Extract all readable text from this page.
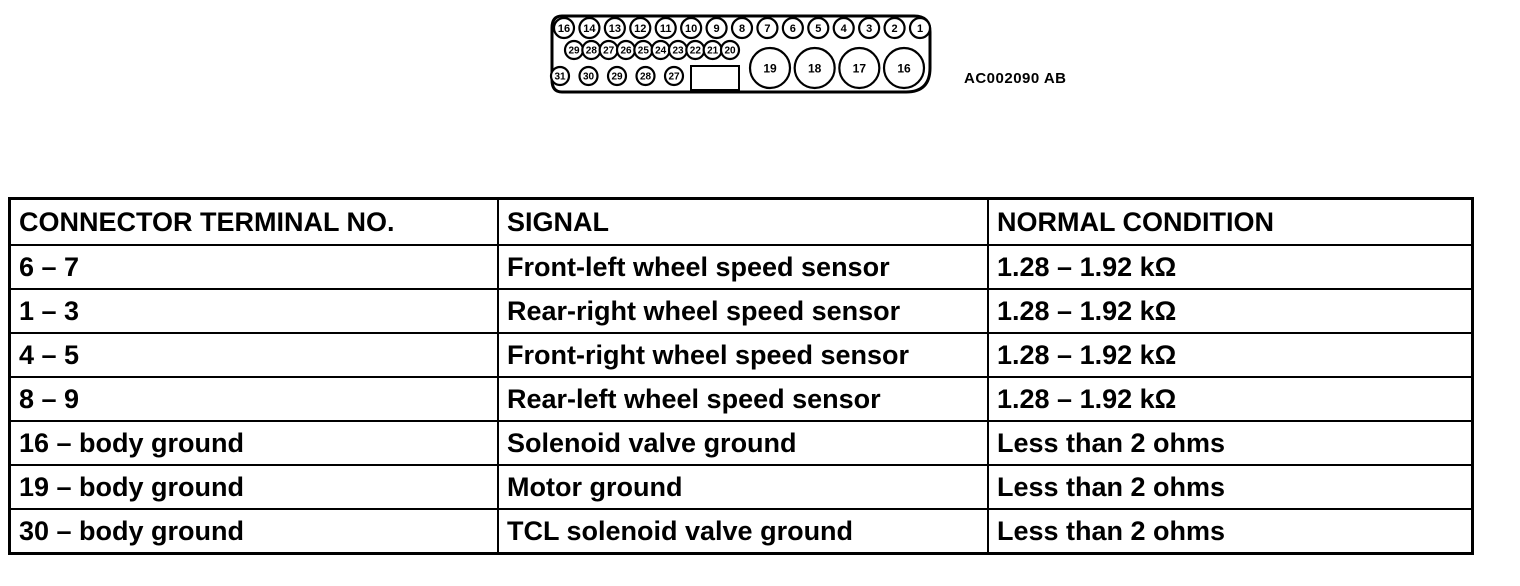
16 14 13 12 11 10 9 8 7 6 5 4 3 2 1
29 28 27 26 25 24 23 22 21 20
31 30 29 28 27
19	18	17	16
AC002090 AB
CONNECTOR TERMINAL NO.	SIGNAL	NORMAL CONDITION
6 – 7	Front-left wheel speed sensor	1.28 – 1.92 kΩ
1 – 3	Rear-right wheel speed sensor	1.28 – 1.92 kΩ
4 – 5	Front-right wheel speed sensor	1.28 – 1.92 kΩ
8 – 9	Rear-left wheel speed sensor	1.28 – 1.92 kΩ
16 – body ground	Solenoid valve ground	Less than 2 ohms
19 – body ground	Motor ground	Less than 2 ohms
30 – body ground	TCL solenoid valve ground	Less than 2 ohms
